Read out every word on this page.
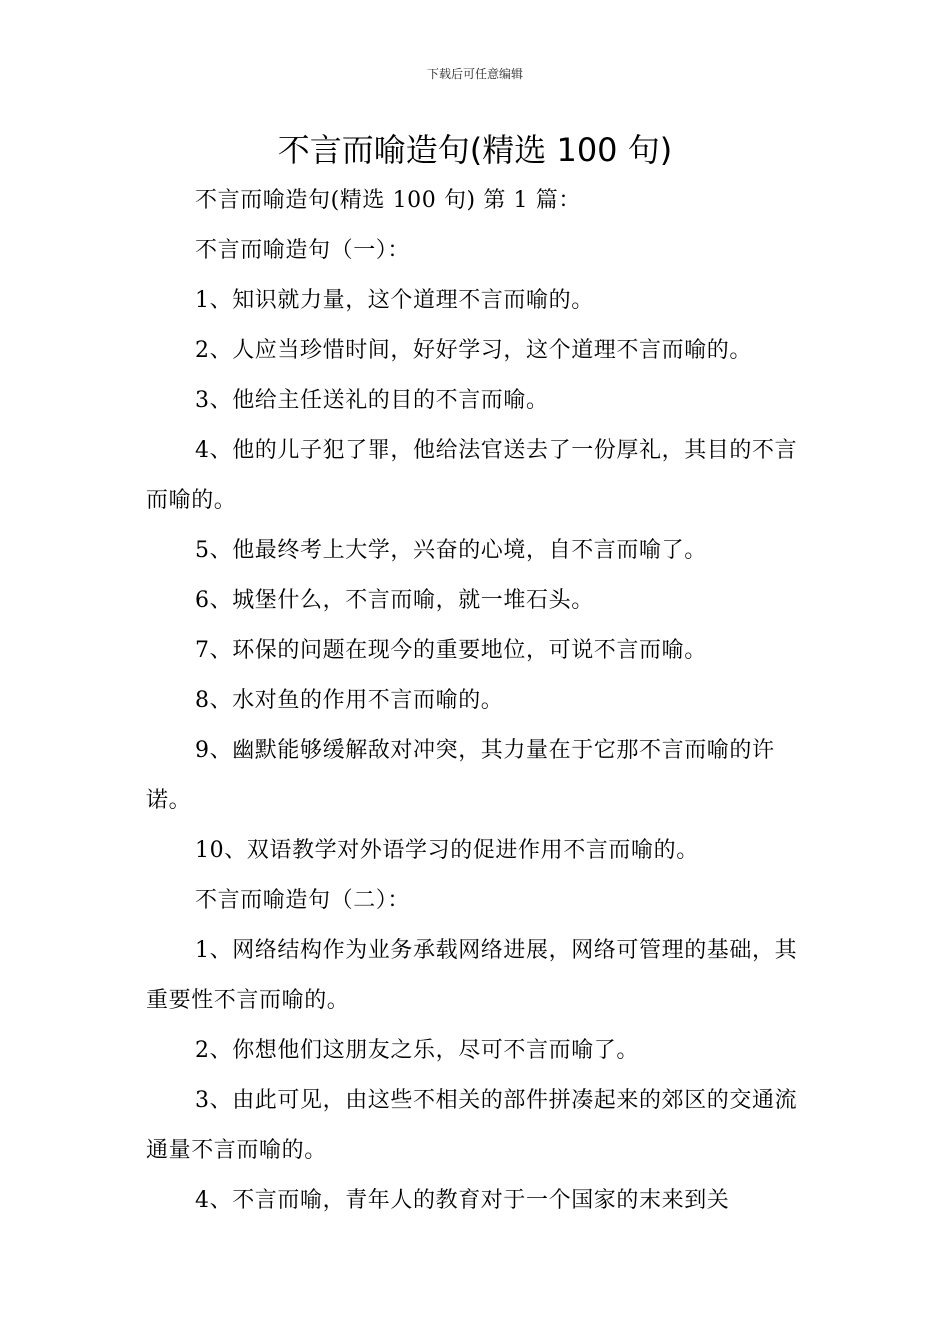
下载后可任意编辑
不言而喻造句(精选 100 句)

不言而喻造句(精选 100 句) 第 1 篇：

不言而喻造句（一）：

1、知识就力量，这个道理不言而喻的。

2、人应当珍惜时间，好好学习，这个道理不言而喻的。

3、他给主任送礼的目的不言而喻。

4、他的儿子犯了罪，他给法官送去了一份厚礼，其目的不言而喻的。

5、他最终考上大学，兴奋的心境，自不言而喻了。

6、城堡什么，不言而喻，就一堆石头。

7、环保的问题在现今的重要地位，可说不言而喻。

8、水对鱼的作用不言而喻的。

9、幽默能够缓解敌对冲突，其力量在于它那不言而喻的许诺。

10、双语教学对外语学习的促进作用不言而喻的。

不言而喻造句（二）：

1、网络结构作为业务承载网络进展，网络可管理的基础，其重要性不言而喻的。

2、你想他们这朋友之乐，尽可不言而喻了。

3、由此可见，由这些不相关的部件拼凑起来的郊区的交通流通量不言而喻的。

4、不言而喻，青年人的教育对于一个国家的末来到关
